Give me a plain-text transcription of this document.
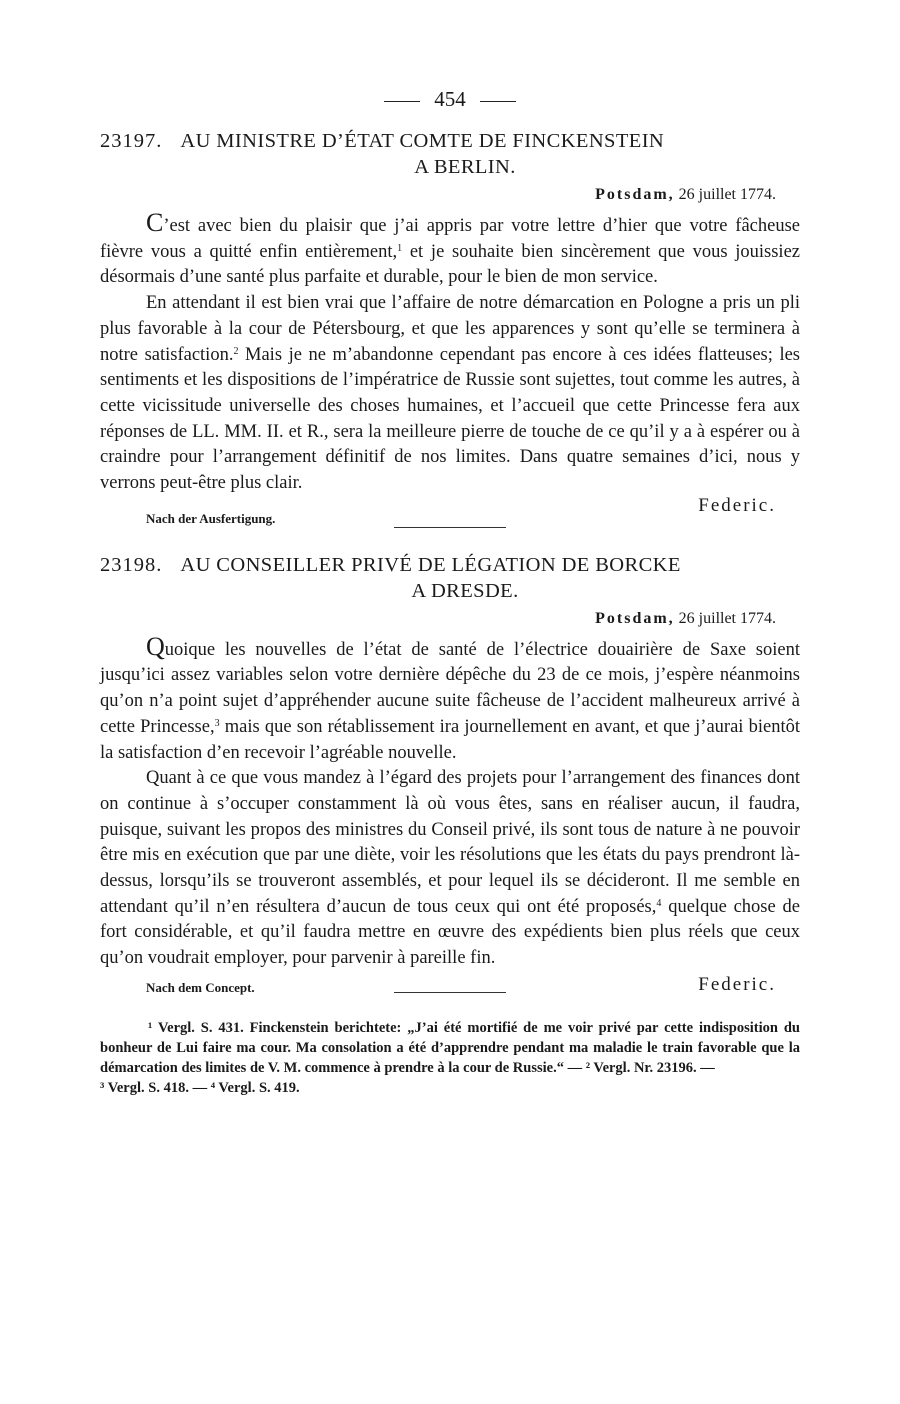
454
23197. AU MINISTRE D’ÉTAT COMTE DE FINCKENSTEIN
A BERLIN.
Potsdam, 26 juillet 1774.

C’est avec bien du plaisir que j’ai appris par votre lettre d’hier que votre fâcheuse fièvre vous a quitté enfin entièrement,$^1$ et je souhaite bien sincèrement que vous jouissiez désormais d’une santé plus parfaite et durable, pour le bien de mon service.

En attendant il est bien vrai que l’affaire de notre démarcation en Pologne a pris un pli plus favorable à la cour de Pétersbourg, et que les apparences y sont qu’elle se terminera à notre satisfaction.$^2$ Mais je ne m’abandonne cependant pas encore à ces idées flatteuses; les sentiments et les dispositions de l’impératrice de Russie sont sujettes, tout comme les autres, à cette vicissitude universelle des choses humaines, et l’accueil que cette Princesse fera aux réponses de LL. MM. II. et R., sera la meilleure pierre de touche de ce qu’il y a à espérer ou à craindre pour l’arrangement définitif de nos limites. Dans quatre semaines d’ici, nous y verrons peut-être plus clair.

Nach der Ausfertigung.
Federic.
23198. AU CONSEILLER PRIVÉ DE LÉGATION DE BORCKE
A DRESDE.
Potsdam, 26 juillet 1774.

Quoique les nouvelles de l’état de santé de l’électrice douairière de Saxe soient jusqu’ici assez variables selon votre dernière dépêche du 23 de ce mois, j’espère néanmoins qu’on n’a point sujet d’appréhender aucune suite fâcheuse de l’accident malheureux arrivé à cette Princesse,$^3$ mais que son rétablissement ira journellement en avant, et que j’aurai bientôt la satisfaction d’en recevoir l’agréable nouvelle.

Quant à ce que vous mandez à l’égard des projets pour l’arrangement des finances dont on continue à s’occuper constamment là où vous êtes, sans en réaliser aucun, il faudra, puisque, suivant les propos des ministres du Conseil privé, ils sont tous de nature à ne pouvoir être mis en exécution que par une diète, voir les résolutions que les états du pays prendront là-dessus, lorsqu’ils se trouveront assemblés, et pour lequel ils se décideront. Il me semble en attendant qu’il n’en résultera d’aucun de tous ceux qui ont été proposés,$^4$ quelque chose de fort considérable, et qu’il faudra mettre en œuvre des expédients bien plus réels que ceux qu’on voudrait employer, pour parvenir à pareille fin.

Nach dem Concept.	Federic.

¹ Vergl. S. 431. Finckenstein berichtete: „J’ai été mortifié de me voir privé par cette indisposition du bonheur de Lui faire ma cour. Ma consolation a été d’apprendre pendant ma maladie le train favorable que la démarcation des limites de V. M. commence à prendre à la cour de Russie.“ — ² Vergl. Nr. 23196. —

³ Vergl. S. 418. — ⁴ Vergl. S. 419.
